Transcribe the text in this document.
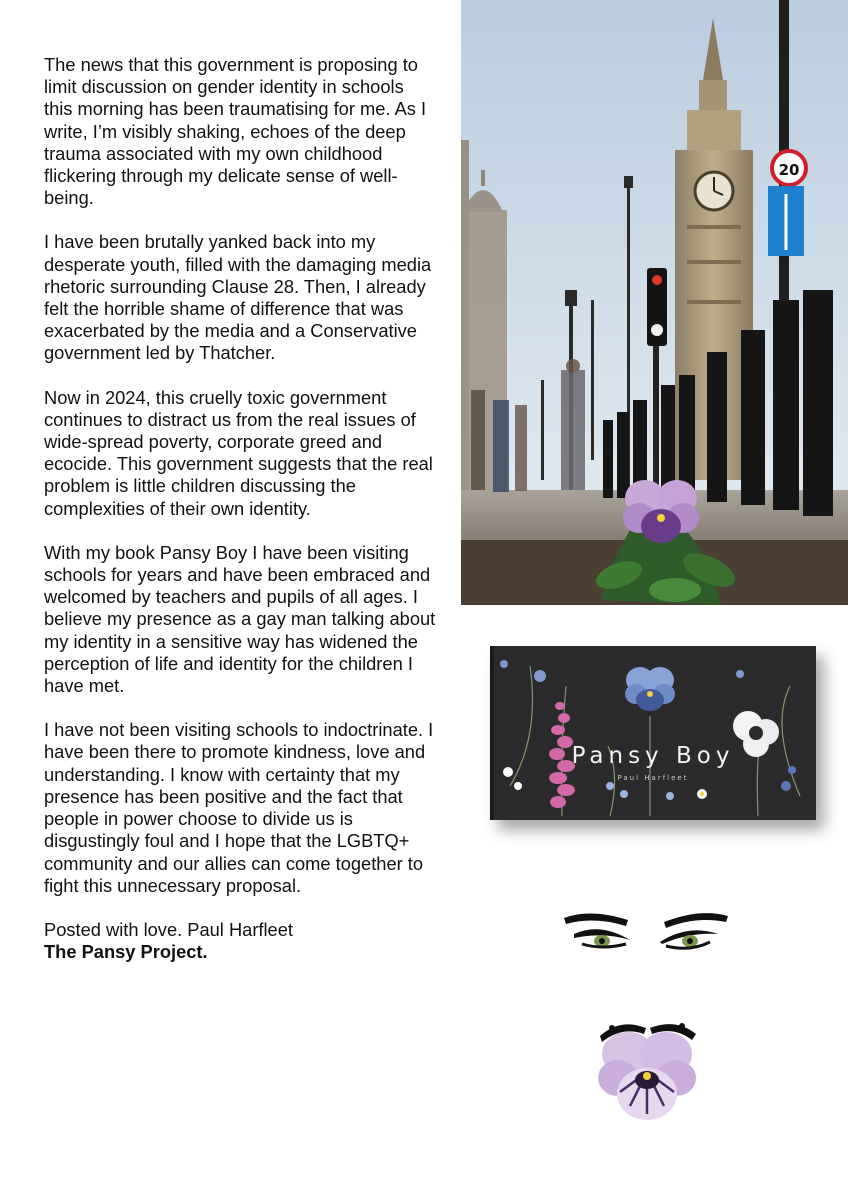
The news that this government is proposing to limit discussion on gender identity in schools this morning has been traumatising for me. As I write, I’m visibly shaking, echoes of the deep trauma associated with my own childhood flickering through my delicate sense of well-being.

I have been brutally yanked back into my desperate youth, filled with the damaging media rhetoric surrounding Clause 28. Then, I already felt the horrible shame of difference that was exacerbated by the media and a Conservative government led by Thatcher.

Now in 2024, this cruelly toxic government continues to distract us from the real issues of wide-spread poverty, corporate greed and ecocide. This government suggests that the real problem is little children discussing the complexities of their own identity.

With my book Pansy Boy I have been visiting schools for years and have been embraced and welcomed by teachers and pupils of all ages. I believe my presence as a gay man talking about my identity in a sensitive way has widened the perception of life and identity for the children I have met.

I have not been visiting schools to indoctrinate. I have been there to promote kindness, love and understanding. I know with certainty that my presence has been positive and the fact that people in power choose to divide us is disgustingly foul and I hope that the LGBTQ+ community and our allies can come together to fight this unnecessary proposal.

Posted with love. Paul Harfleet
The Pansy Project.

20
Pansy Boy
Paul Harfleet
